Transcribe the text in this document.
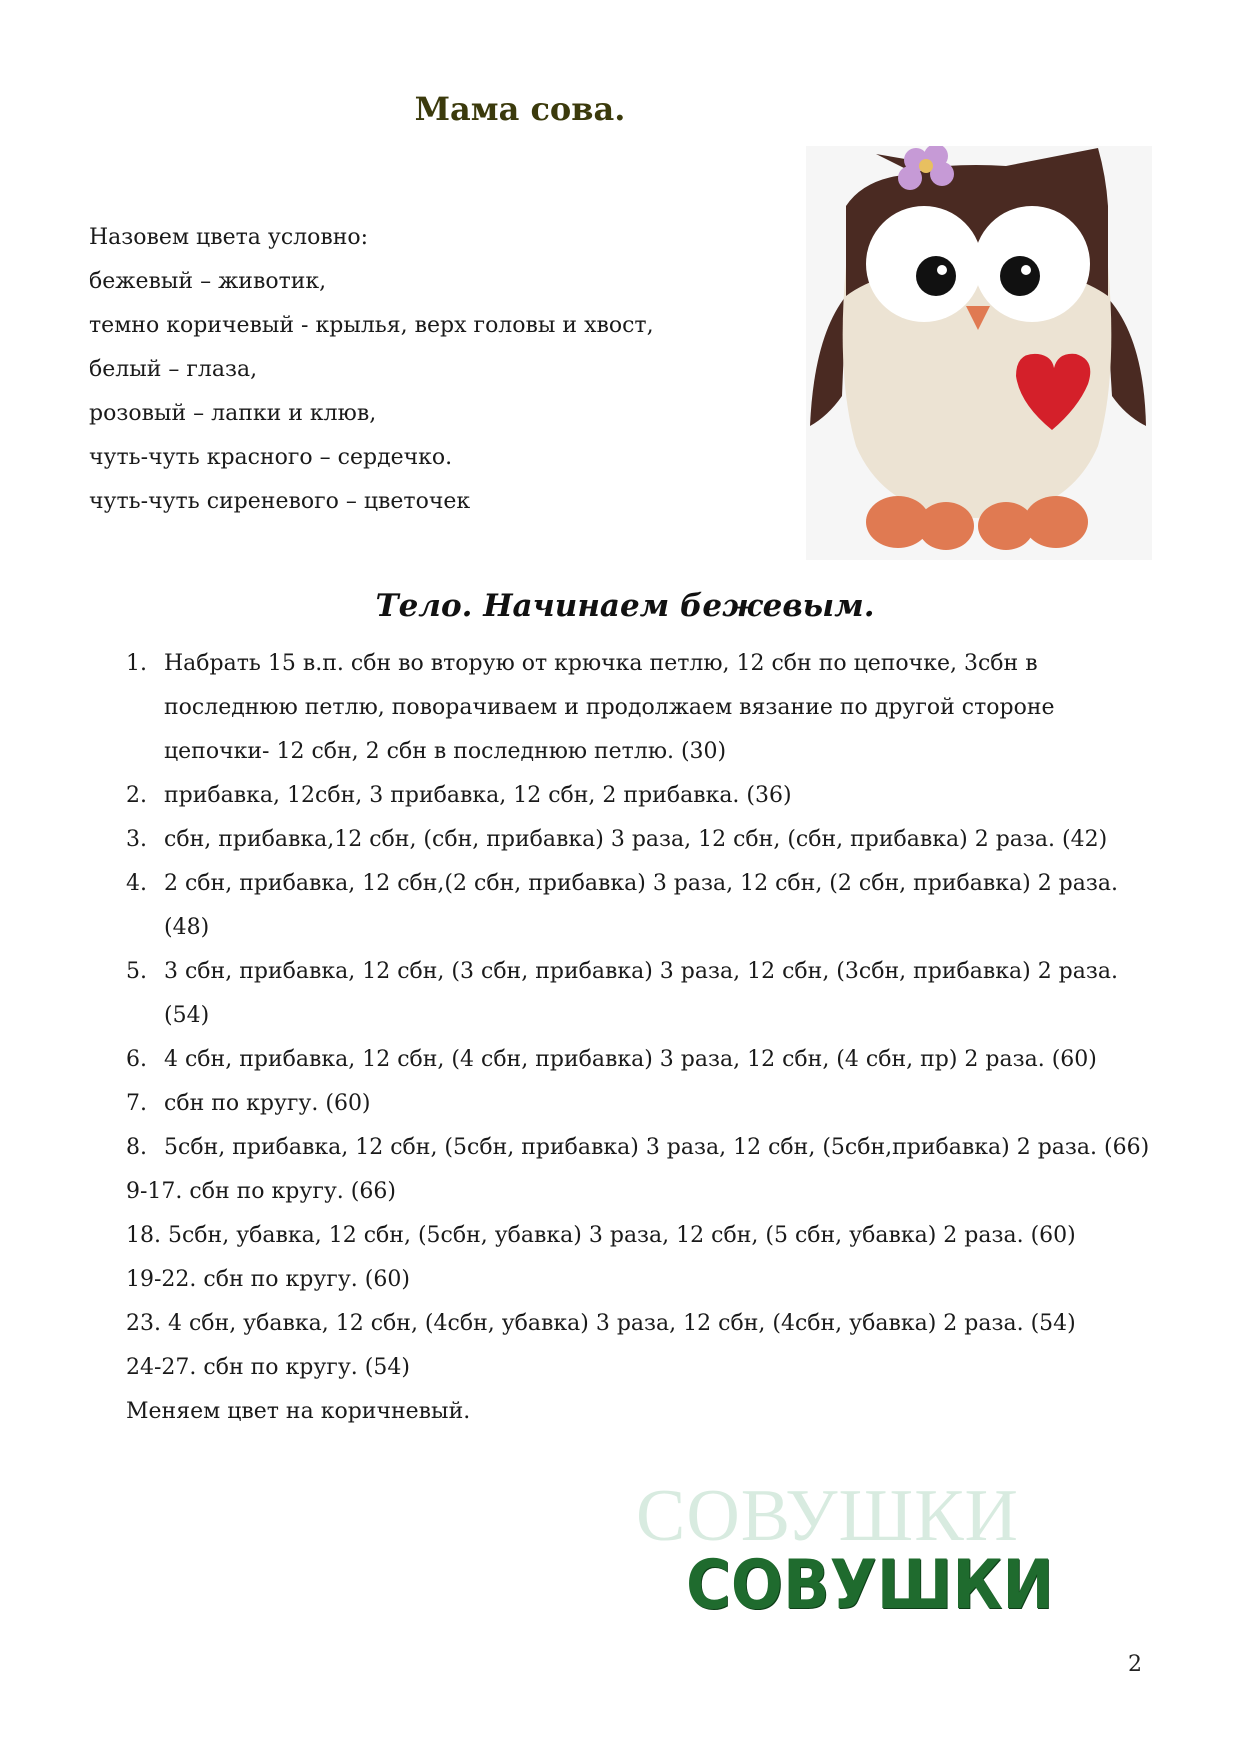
Мама сова.
Назовем цвета условно:
бежевый – животик,
темно коричевый - крылья, верх головы и хвост,
белый – глаза,
розовый – лапки и клюв,
чуть-чуть красного – сердечко.
чуть-чуть сиреневого – цветочек
Тело. Начинаем бежевым.
1. Набрать 15 в.п. сбн во вторую от крючка петлю, 12 сбн по цепочке, 3сбн в последнюю петлю, поворачиваем и продолжаем вязание по другой стороне цепочки- 12 сбн, 2 сбн в последнюю петлю. (30)
2. прибавка, 12сбн, 3 прибавка, 12 сбн, 2 прибавка. (36)
3. сбн, прибавка,12 сбн, (сбн, прибавка) 3 раза, 12 сбн, (сбн, прибавка) 2 раза. (42)
4. 2 сбн, прибавка, 12 сбн,(2 сбн, прибавка) 3 раза, 12 сбн, (2 сбн, прибавка) 2 раза. (48)
5. 3 сбн, прибавка, 12 сбн, (3 сбн, прибавка) 3 раза, 12 сбн, (3сбн, прибавка) 2 раза. (54)
6. 4 сбн, прибавка, 12 сбн, (4 сбн, прибавка) 3 раза, 12 сбн, (4 сбн, пр) 2 раза. (60)
7. сбн по кругу. (60)
8. 5сбн, прибавка, 12 сбн, (5сбн, прибавка) 3 раза, 12 сбн, (5сбн,прибавка) 2 раза. (66)
9-17. сбн по кругу. (66)
18. 5сбн, убавка, 12 сбн, (5сбн, убавка) 3 раза, 12 сбн, (5 сбн, убавка) 2 раза. (60)
19-22. сбн по кругу. (60)
23. 4 сбн, убавка, 12 сбн, (4сбн, убавка) 3 раза, 12 сбн, (4сбн, убавка) 2 раза. (54)
24-27. сбн по кругу. (54)
Меняем цвет на коричневый.
СОВУШКИ
СОВУШКИ
2
